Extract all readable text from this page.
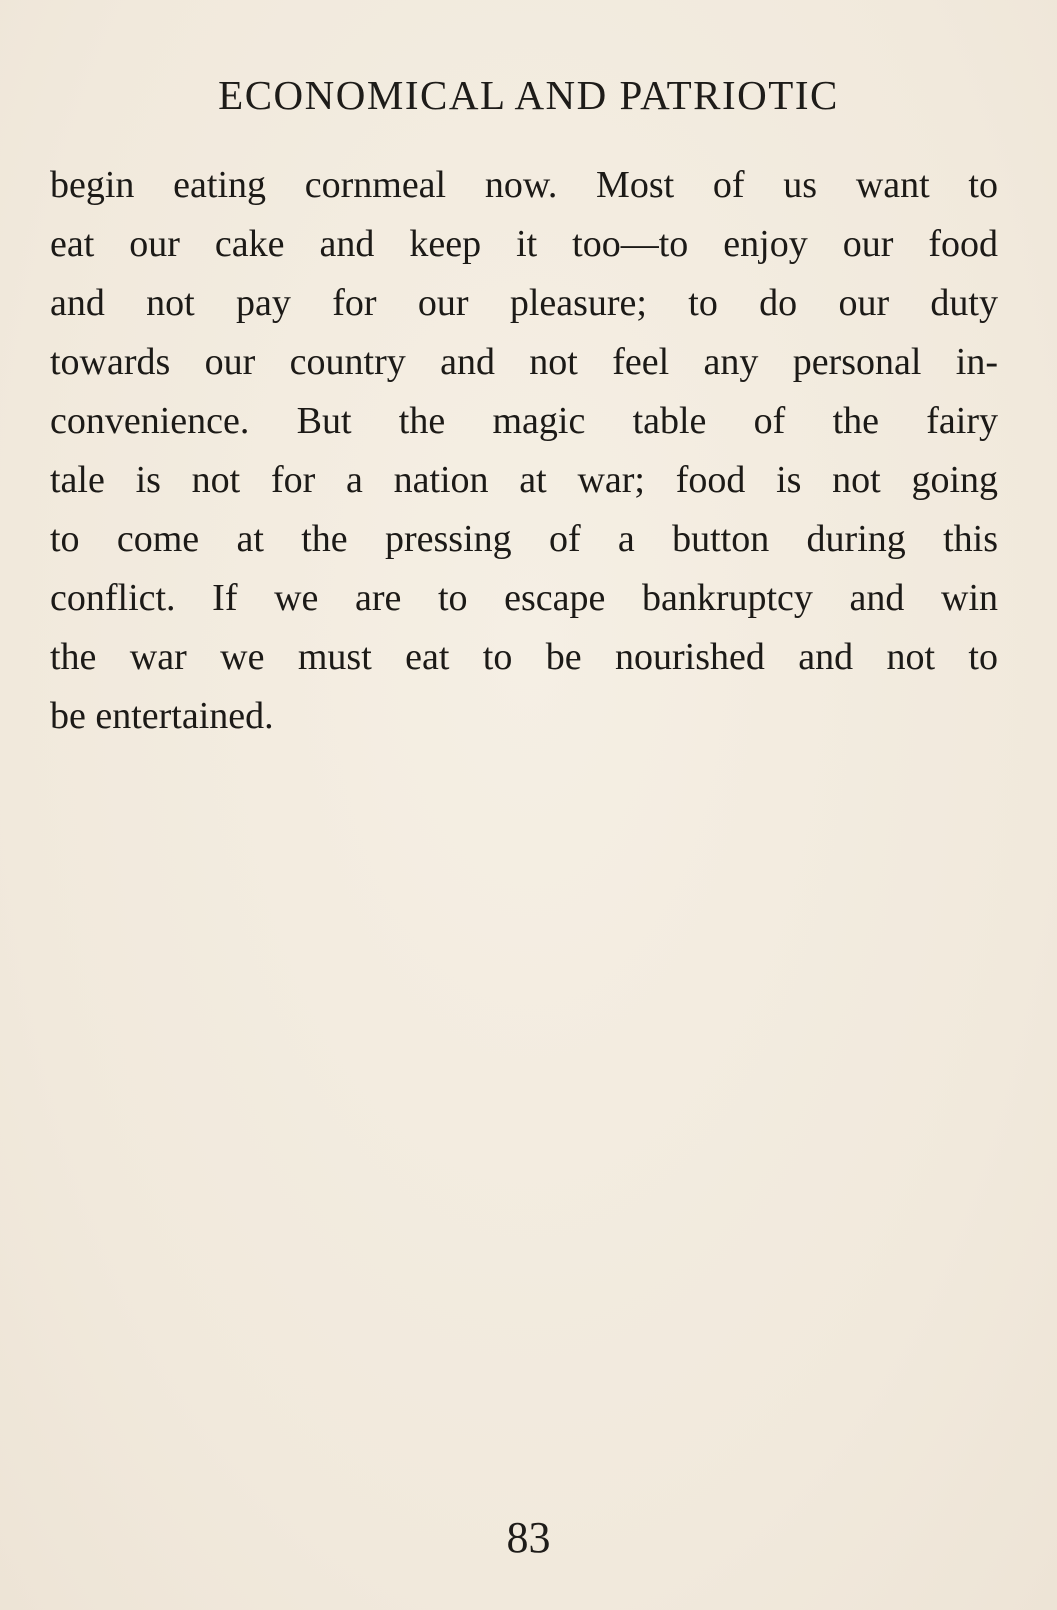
ECONOMICAL AND PATRIOTIC
begin eating cornmeal now. Most of us want to
eat our cake and keep it too—to enjoy our food
and not pay for our pleasure; to do our duty
towards our country and not feel any personal in-
convenience. But the magic table of the fairy
tale is not for a nation at war; food is not going
to come at the pressing of a button during this
conflict. If we are to escape bankruptcy and win
the war we must eat to be nourished and not to
be entertained.
83
